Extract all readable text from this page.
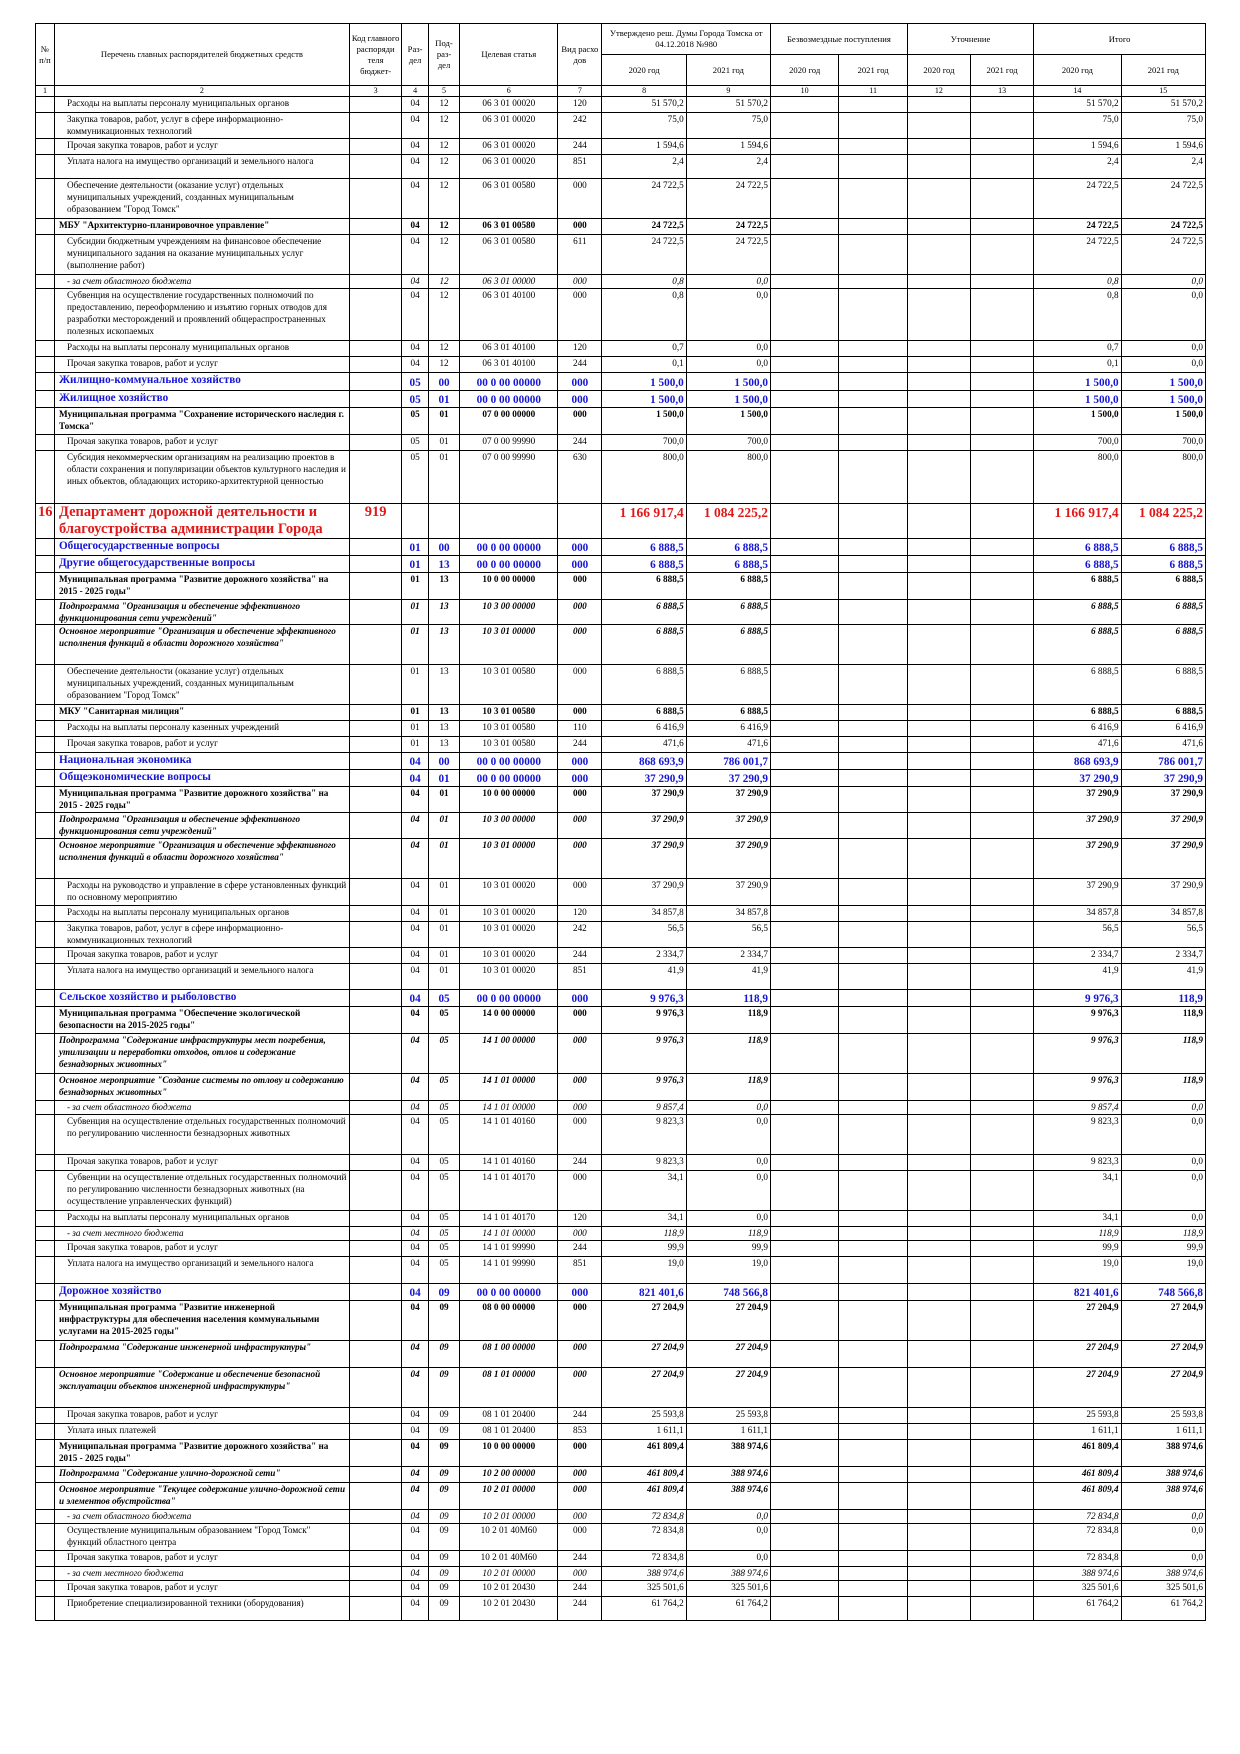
№ п/п	Перечень главных распорядителей бюджетных средств	Код главного распоряди теля бюджет-	Раз- дел	Под- раз- дел	Целевая статья	Вид расхо дов	Утверждено реш. Думы Города Томска от 04.12.2018 №980		Безвозмездные поступления		Уточнение		Итого	
							2020 год	2021 год	2020 год	2021 год	2020 год	2021 год	2020 год	2021 год
1	2	3	4	5	6	7	8	9	10	11	12	13	14	15
	Расходы на выплаты персоналу муниципальных органов		04	12	06 3 01 00020	120	51 570,2	51 570,2					51 570,2	51 570,2
	Закупка товаров, работ, услуг в сфере информационно-коммуникационных технологий		04	12	06 3 01 00020	242	75,0	75,0					75,0	75,0
	Прочая закупка товаров, работ и услуг		04	12	06 3 01 00020	244	1 594,6	1 594,6					1 594,6	1 594,6
	Уплата налога на имущество организаций и земельного налога		04	12	06 3 01 00020	851	2,4	2,4					2,4	2,4
	Обеспечение деятельности (оказание услуг) отдельных муниципальных учреждений, созданных муниципальным образованием "Город Томск"		04	12	06 3 01 00580	000	24 722,5	24 722,5					24 722,5	24 722,5
	МБУ "Архитектурно-планировочное управление"		04	12	06 3 01 00580	000	24 722,5	24 722,5					24 722,5	24 722,5
	Субсидии бюджетным учреждениям на финансовое обеспечение муниципального задания на оказание муниципальных услуг (выполнение работ)		04	12	06 3 01 00580	611	24 722,5	24 722,5					24 722,5	24 722,5
	- за счет областного бюджета		04	12	06 3 01 00000	000	0,8	0,0					0,8	0,0
	Субвенция на осуществление государственных полномочий по предоставлению, переоформлению и изъятию горных отводов для разработки месторождений и проявлений общераспространенных полезных ископаемых		04	12	06 3 01 40100	000	0,8	0,0					0,8	0,0
	Расходы на выплаты персоналу муниципальных органов		04	12	06 3 01 40100	120	0,7	0,0					0,7	0,0
	Прочая закупка товаров, работ и услуг		04	12	06 3 01 40100	244	0,1	0,0					0,1	0,0
	Жилищно-коммунальное хозяйство		05	00	00 0 00 00000	000	1 500,0	1 500,0					1 500,0	1 500,0
	Жилищное хозяйство		05	01	00 0 00 00000	000	1 500,0	1 500,0					1 500,0	1 500,0
	Муниципальная программа "Сохранение исторического наследия г. Томска"		05	01	07 0 00 00000	000	1 500,0	1 500,0					1 500,0	1 500,0
	Прочая закупка товаров, работ и услуг		05	01	07 0 00 99990	244	700,0	700,0					700,0	700,0
	Субсидия некоммерческим организациям на реализацию проектов в области сохранения и популяризации объектов культурного наследия и иных объектов, обладающих историко-архитектурной ценностью		05	01	07 0 00 99990	630	800,0	800,0					800,0	800,0
16	Департамент дорожной деятельности и благоустройства администрации Города	919					1 166 917,4	1 084 225,2					1 166 917,4	1 084 225,2
	Общегосударственные вопросы		01	00	00 0 00 00000	000	6 888,5	6 888,5					6 888,5	6 888,5
	Другие общегосударственные вопросы		01	13	00 0 00 00000	000	6 888,5	6 888,5					6 888,5	6 888,5
	Муниципальная программа "Развитие дорожного хозяйства" на 2015 - 2025 годы"		01	13	10 0 00 00000	000	6 888,5	6 888,5					6 888,5	6 888,5
	Подпрограмма "Организация и обеспечение эффективного функционирования сети учреждений"		01	13	10 3 00 00000	000	6 888,5	6 888,5					6 888,5	6 888,5
	Основное мероприятие "Организация и обеспечение эффективного исполнения функций в области дорожного хозяйства"		01	13	10 3 01 00000	000	6 888,5	6 888,5					6 888,5	6 888,5
	Обеспечение деятельности (оказание услуг) отдельных муниципальных учреждений, созданных муниципальным образованием "Город Томск"		01	13	10 3 01 00580	000	6 888,5	6 888,5					6 888,5	6 888,5
	МКУ "Санитарная милиция"		01	13	10 3 01 00580	000	6 888,5	6 888,5					6 888,5	6 888,5
	Расходы на выплаты персоналу казенных учреждений		01	13	10 3 01 00580	110	6 416,9	6 416,9					6 416,9	6 416,9
	Прочая закупка товаров, работ и услуг		01	13	10 3 01 00580	244	471,6	471,6					471,6	471,6
	Национальная экономика		04	00	00 0 00 00000	000	868 693,9	786 001,7					868 693,9	786 001,7
	Общеэкономические вопросы		04	01	00 0 00 00000	000	37 290,9	37 290,9					37 290,9	37 290,9
	Муниципальная программа "Развитие дорожного хозяйства" на 2015 - 2025 годы"		04	01	10 0 00 00000	000	37 290,9	37 290,9					37 290,9	37 290,9
	Подпрограмма "Организация и обеспечение эффективного функционирования сети учреждений"		04	01	10 3 00 00000	000	37 290,9	37 290,9					37 290,9	37 290,9
	Основное мероприятие "Организация и обеспечение эффективного исполнения функций в области дорожного хозяйства"		04	01	10 3 01 00000	000	37 290,9	37 290,9					37 290,9	37 290,9
	Расходы на руководство и управление в сфере установленных функций по основному мероприятию		04	01	10 3 01 00020	000	37 290,9	37 290,9					37 290,9	37 290,9
	Расходы на выплаты персоналу муниципальных органов		04	01	10 3 01 00020	120	34 857,8	34 857,8					34 857,8	34 857,8
	Закупка товаров, работ, услуг в сфере информационно-коммуникационных технологий		04	01	10 3 01 00020	242	56,5	56,5					56,5	56,5
	Прочая закупка товаров, работ и услуг		04	01	10 3 01 00020	244	2 334,7	2 334,7					2 334,7	2 334,7
	Уплата налога на имущество организаций и земельного налога		04	01	10 3 01 00020	851	41,9	41,9					41,9	41,9
	Сельское хозяйство и рыболовство		04	05	00 0 00 00000	000	9 976,3	118,9					9 976,3	118,9
	Муниципальная программа "Обеспечение экологической безопасности на 2015-2025 годы"		04	05	14 0 00 00000	000	9 976,3	118,9					9 976,3	118,9
	Подпрограмма "Содержание инфраструктуры мест погребения, утилизации и переработки отходов, отлов и содержание безнадзорных животных"		04	05	14 1 00 00000	000	9 976,3	118,9					9 976,3	118,9
	Основное мероприятие "Создание системы по отлову и содержанию безнадзорных животных"		04	05	14 1 01 00000	000	9 976,3	118,9					9 976,3	118,9
	- за счет областного бюджета		04	05	14 1 01 00000	000	9 857,4	0,0					9 857,4	0,0
	Субвенция на осуществление отдельных государственных полномочий по регулированию численности безнадзорных животных		04	05	14 1 01 40160	000	9 823,3	0,0					9 823,3	0,0
	Прочая закупка товаров, работ и услуг		04	05	14 1 01 40160	244	9 823,3	0,0					9 823,3	0,0
	Субвенции на осуществление отдельных государственных полномочий по регулированию численности безнадзорных животных (на осуществление управленческих функций)		04	05	14 1 01 40170	000	34,1	0,0					34,1	0,0
	Расходы на выплаты персоналу муниципальных органов		04	05	14 1 01 40170	120	34,1	0,0					34,1	0,0
	- за счет местного бюджета		04	05	14 1 01 00000	000	118,9	118,9					118,9	118,9
	Прочая закупка товаров, работ и услуг		04	05	14 1 01 99990	244	99,9	99,9					99,9	99,9
	Уплата налога на имущество организаций и земельного налога		04	05	14 1 01 99990	851	19,0	19,0					19,0	19,0
	Дорожное хозяйство		04	09	00 0 00 00000	000	821 401,6	748 566,8					821 401,6	748 566,8
	Муниципальная программа "Развитие инженерной инфраструктуры для обеспечения населения коммунальными услугами на 2015-2025 годы"		04	09	08 0 00 00000	000	27 204,9	27 204,9					27 204,9	27 204,9
	Подпрограмма "Содержание инженерной инфраструктуры"		04	09	08 1 00 00000	000	27 204,9	27 204,9					27 204,9	27 204,9
	Основное мероприятие "Содержание и обеспечение безопасной эксплуатации объектов инженерной инфраструктуры"		04	09	08 1 01 00000	000	27 204,9	27 204,9					27 204,9	27 204,9
	Прочая закупка товаров, работ и услуг		04	09	08 1 01 20400	244	25 593,8	25 593,8					25 593,8	25 593,8
	Уплата иных платежей		04	09	08 1 01 20400	853	1 611,1	1 611,1					1 611,1	1 611,1
	Муниципальная программа "Развитие дорожного хозяйства" на 2015 - 2025 годы"		04	09	10 0 00 00000	000	461 809,4	388 974,6					461 809,4	388 974,6
	Подпрограмма "Содержание улично-дорожной сети"		04	09	10 2 00 00000	000	461 809,4	388 974,6					461 809,4	388 974,6
	Основное мероприятие "Текущее содержание улично-дорожной сети и элементов обустройства"		04	09	10 2 01 00000	000	461 809,4	388 974,6					461 809,4	388 974,6
	- за счет областного бюджета		04	09	10 2 01 00000	000	72 834,8	0,0					72 834,8	0,0
	Осуществление муниципальным образованием "Город Томск" функций областного центра		04	09	10 2 01 40М60	000	72 834,8	0,0					72 834,8	0,0
	Прочая закупка товаров, работ и услуг		04	09	10 2 01 40М60	244	72 834,8	0,0					72 834,8	0,0
	- за счет местного бюджета		04	09	10 2 01 00000	000	388 974,6	388 974,6					388 974,6	388 974,6
	Прочая закупка товаров, работ и услуг		04	09	10 2 01 20430	244	325 501,6	325 501,6					325 501,6	325 501,6
	Приобретение специализированной техники (оборудования)		04	09	10 2 01 20430	244	61 764,2	61 764,2					61 764,2	61 764,2
